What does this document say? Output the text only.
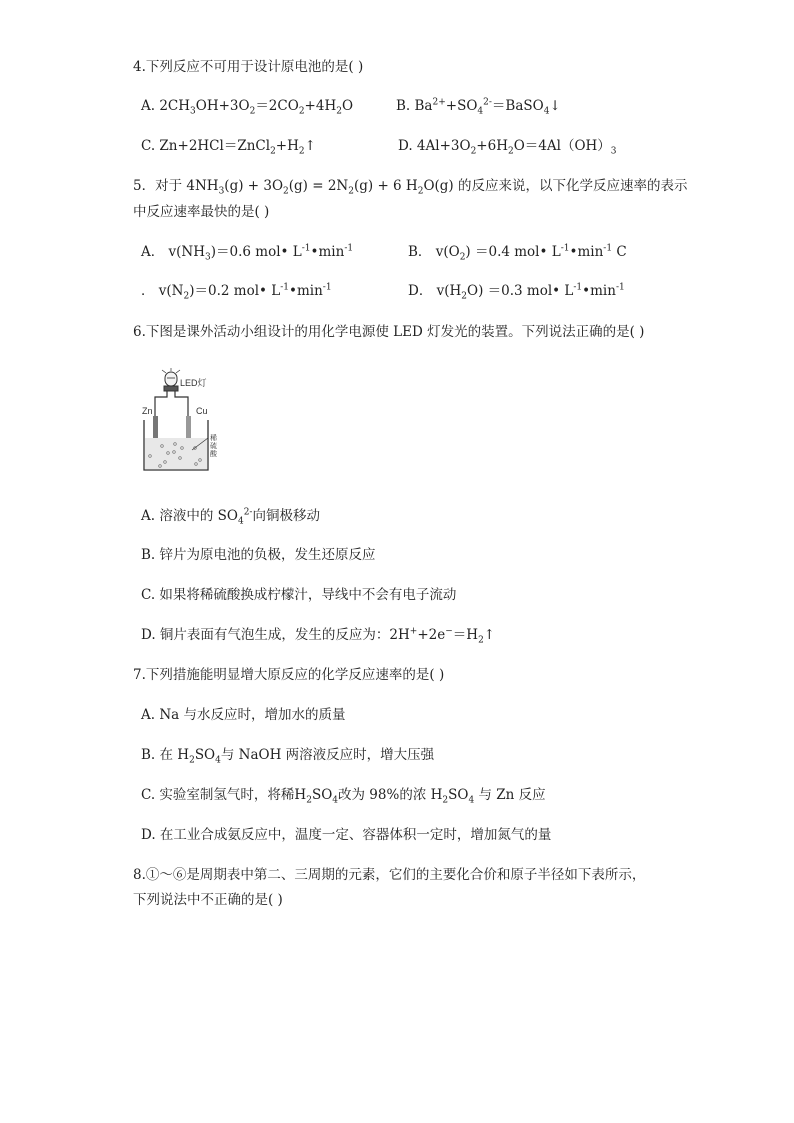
4.下列反应不可用于设计原电池的是( )
A. $2CH_3OH+3O_2=2CO_2+4H_2O$	B. $Ba^{2+}+SO_4^{2-}=BaSO_4↓$
C. $Zn+2HCl=ZnCl_2+H_2↑$	D. $4Al+3O_2+6H_2O=4Al(OH)_3$
5．对于 $4NH_3(g) + 3O_2(g) = 2N_2(g) + 6$ $H_2O(g)$ 的反应来说，以下化学反应速率的表示
中反应速率最快的是( )
A． $v(NH_3)=0.6$ mol• $L^{-1}•\min^{-1}$	B． $v(O_2) =0.4$ mol• $L^{-1}•\min^{-1}$ C
． $v(N_2)=0.2$ mol• $L^{-1}•\min^{-1}$	D． $v(H_2O) =0.3$ mol• $L^{-1}•\min^{-1}$
6.下图是课外活动小组设计的用化学电源使 LED 灯发光的装置。下列说法正确的是( )
LED灯
Zn	Cu
稀
硫
酸
A. 溶液中的 $SO_4^{2-}$向铜极移动
B. 锌片为原电池的负极，发生还原反应
C. 如果将稀硫酸换成柠檬汁，导线中不会有电子流动
D. 铜片表面有气泡生成，发生的反应为：$2H^++2e^-=H_2↑$
7.下列措施能明显增大原反应的化学反应速率的是( )
A. Na 与水反应时，增加水的质量
B. 在 $H_2SO_4$与 NaOH 两溶液反应时，增大压强
C. 实验室制氢气时，将稀$H_2SO_4$改为 98%的浓 $H_2SO_4$ 与 Zn 反应
D. 在工业合成氨反应中，温度一定、容器体积一定时，增加氮气的量
8.①～⑥是周期表中第二、三周期的元素，它们的主要化合价和原子半径如下表所示，
下列说法中不正确的是( )
